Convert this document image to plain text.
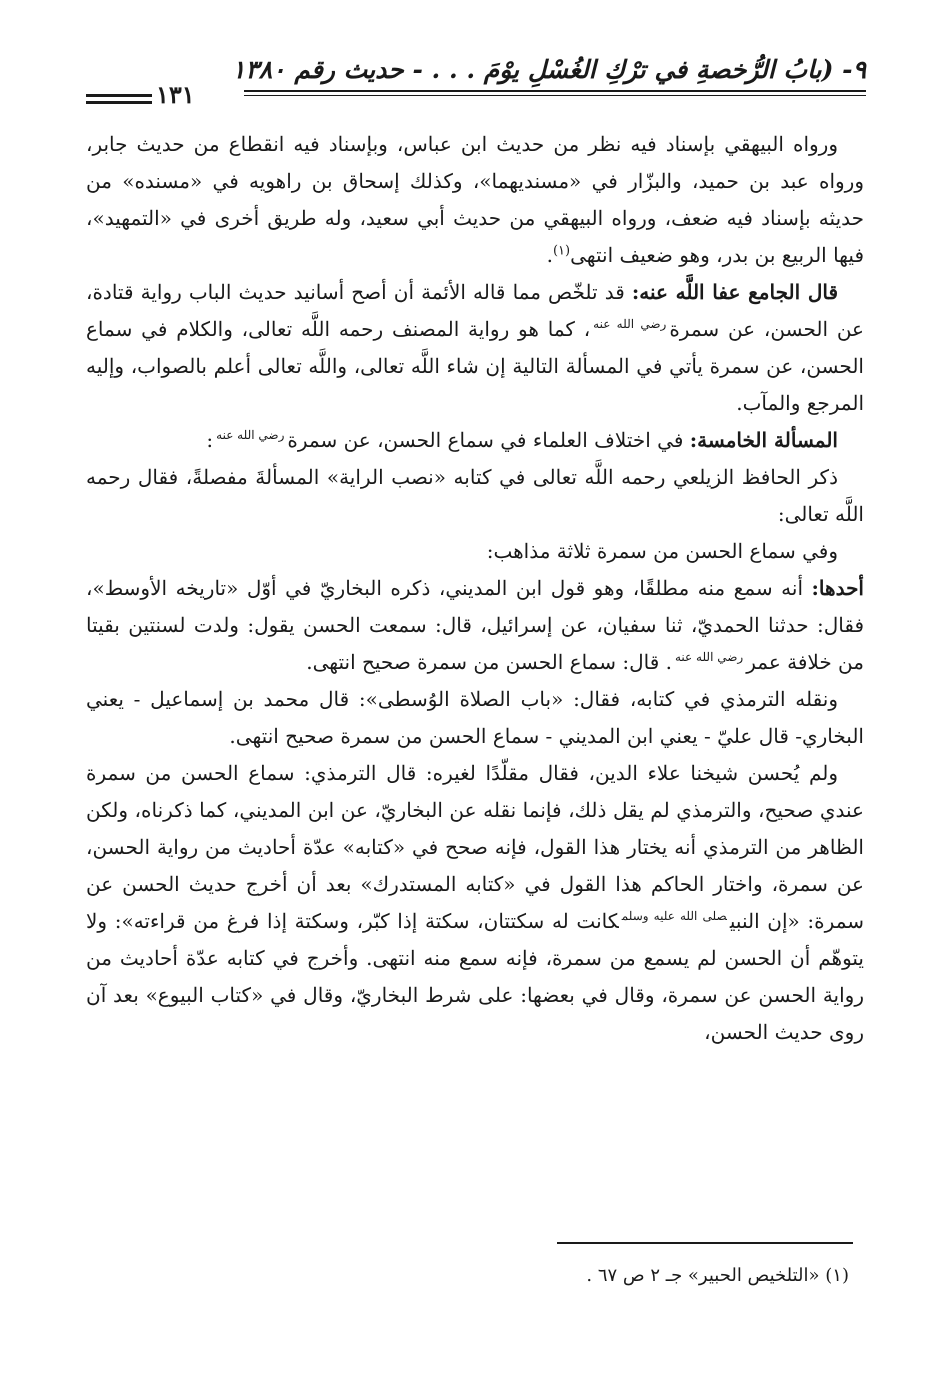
٩- (بابُ الرُّخصةِ في ترْكِ الغُسْلِ يوْمَ . . . - حديث رقم ١٣٨٠
١٣١

ورواه البيهقي بإسناد فيه نظر من حديث ابن عباس، وبإسناد فيه انقطاع من حديث جابر، ورواه عبد بن حميد، والبزّار في «مسنديهما»، وكذلك إسحاق بن راهويه في «مسنده» من حديثه بإسناد فيه ضعف، ورواه البيهقي من حديث أبي سعيد، وله طريق أخرى في «التمهيد»، فيها الربيع بن بدر، وهو ضعيف انتهى$^{(١)}$.

قال الجامع عفا اللَّه عنه: قد تلخّص مما قاله الأئمة أن أصح أسانيد حديث الباب رواية قتادة، عن الحسن، عن سمرة$^{رضي الله عنه}$، كما هو رواية المصنف رحمه اللَّه تعالى، والكلام في سماع الحسن، عن سمرة يأتي في المسألة التالية إن شاء اللَّه تعالى، واللَّه تعالى أعلم بالصواب، وإليه المرجع والمآب.

المسألة الخامسة: في اختلاف العلماء في سماع الحسن، عن سمرة$^{رضي الله عنه}$:

ذكر الحافظ الزيلعي رحمه اللَّه تعالى في كتابه «نصب الراية» المسألةَ مفصلةً، فقال رحمه اللَّه تعالى:

وفي سماع الحسن من سمرة ثلاثة مذاهب:

أحدها: أنه سمع منه مطلقًا، وهو قول ابن المديني، ذكره البخاريّ في أوّل «تاريخه الأوسط»، فقال: حدثنا الحمديّ، ثنا سفيان، عن إسرائيل، قال: سمعت الحسن يقول: ولدت لسنتين بقيتا من خلافة عمر$^{رضي الله عنه}$. قال: سماع الحسن من سمرة صحيح انتهى.

ونقله الترمذي في كتابه، فقال: «باب الصلاة الوُسطى»: قال محمد بن إسماعيل - يعني البخاري- قال عليّ - يعني ابن المديني - سماع الحسن من سمرة صحيح انتهى.

ولم يُحسن شيخنا علاء الدين، فقال مقلّدًا لغيره: قال الترمذي: سماع الحسن من سمرة عندي صحيح، والترمذي لم يقل ذلك، فإنما نقله عن البخاريّ، عن ابن المديني، كما ذكرناه، ولكن الظاهر من الترمذي أنه يختار هذا القول، فإنه صحح في «كتابه» عدّة أحاديث من رواية الحسن، عن سمرة، واختار الحاكم هذا القول في «كتابه المستدرك» بعد أن أخرج حديث الحسن عن سمرة: «إن النبي$^{صلى الله عليه وسلم}$كانت له سكتتان، سكتة إذا كبّر، وسكتة إذا فرغ من قراءته»: ولا يتوهّم أن الحسن لم يسمع من سمرة، فإنه سمع منه انتهى. وأخرج في كتابه عدّة أحاديث من رواية الحسن عن سمرة، وقال في بعضها: على شرط البخاريّ، وقال في «كتاب البيوع» بعد آن روى حديث الحسن،

(١) «التلخيص الحبير» جـ ٢ ص ٦٧ .
